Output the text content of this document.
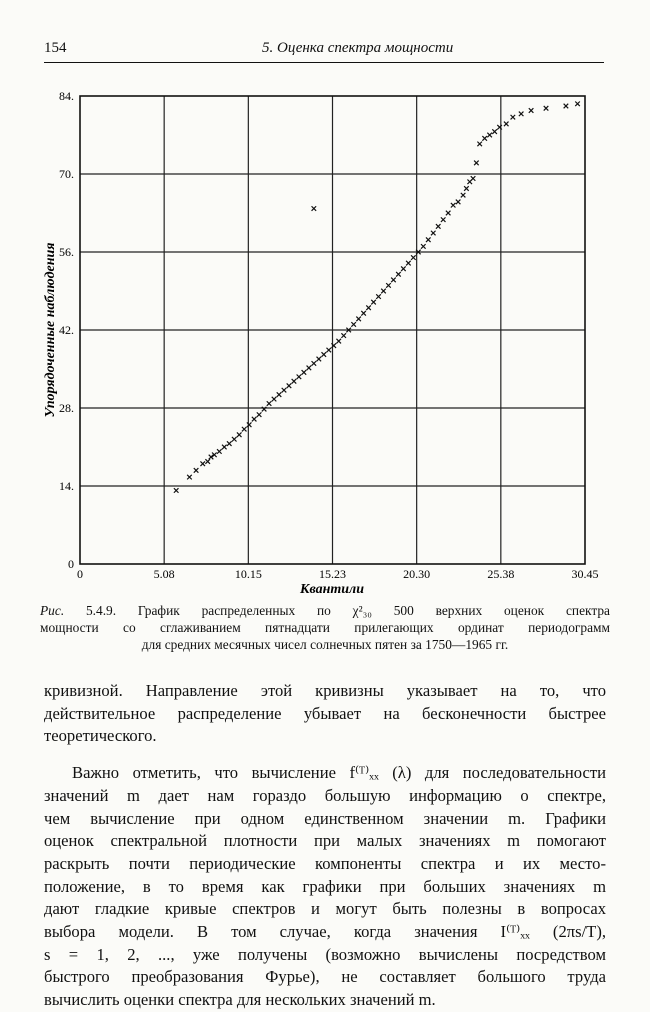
154	5. Оценка спектра мощности
0	5.08	10.15	15.23	20.30	25.38	30.45
0
14.
28.
42.
56.
70.
84.
Квантили
Упорядоченные наблюдения
Рис. 5.4.9. График распределенных по χ²₃₀ 500 верхних оценок спектра
мощности со сглаживанием пятнадцати прилегающих ординат периодограмм
для средних месячных чисел солнечных пятен за 1750—1965 гг.
кривизной. Направление этой кривизны указывает на то, что
действительное распределение убывает на бесконечности быстрее
теоретического.
Важно отметить, что вычисление f⁽ᵀ⁾ₓₓ (λ) для последовательности
значений m дает нам гораздо большую информацию о спектре,
чем вычисление при одном единственном значении m. Графики
оценок спектральной плотности при малых значениях m помогают
раскрыть почти периодические компоненты спектра и их место-
положение, в то время как графики при больших значениях m
дают гладкие кривые спектров и могут быть полезны в вопросах
выбора модели. В том случае, когда значения I⁽ᵀ⁾ₓₓ (2πs/T),
s = 1, 2, ..., уже получены (возможно вычислены посредством
быстрого преобразования Фурье), не составляет большого труда
вычислить оценки спектра для нескольких значений m.
